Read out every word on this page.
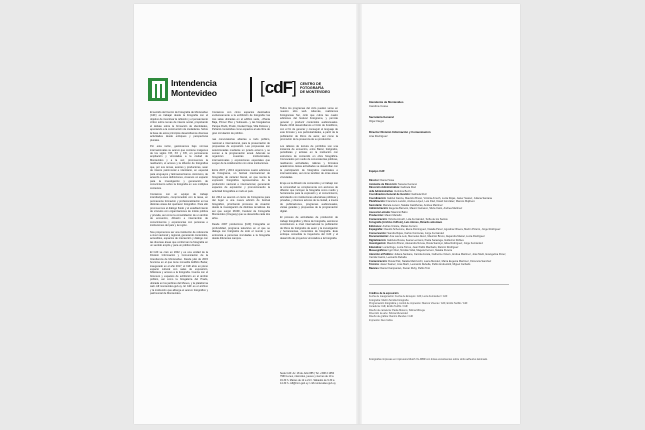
Intendencia
Montevideo	[cdF] CENTRO DE
FOTOGRAFÍA
DE MONTEVIDEO

El sentido del Centro de Fotografía de Montevideo (CdF) es trabajar desde la fotografía con el objetivo de incentivar la reflexión y el pensamiento crítico sobre temas de interés social, propiciando el debate sobre la formación de identidades, apuntando a la construcción de ciudadanía. Sobre la base de estos principios desarrollamos diversas actividades desde enfoques y perspectivas plurales.

Por esta razón, gestionamos bajo normas internacionales su acervo que contiene imágenes de los siglos XIX, XX y XXI, en permanente ampliación y vinculadas a la ciudad de Montevideo y a la vez, promovemos la realización, el acceso y la difusión de fotografías que, por sus temas, autores y productores, sean de interés patrimonial e identitario, en especial para uruguayos y latinoamericanos. Asimismo, de acuerdo a esos definiciones, creamos un espacio para la investigación y generación de conocimiento sobre la fotografía en sus múltiples contextos.

Contamos con un equipo de trabajo interdisciplinario, comprometido con la tarea, en permanente formación y profesionalización en las distintas áreas del quehacer fotográfico. Para ello promovemos el diálogo fluido y el establecimiento de vínculos con organizaciones de índole pública y privada, así como la consolidación de un ámbito de encuentro, difusión e intercambio de conocimientos y experiencias con personas e instituciones del país y la región.

Nos proponemos ser una institución de referencia a nivel nacional y regional, generando contenidos, accesibles, espacios de interacción y diálogo con las diversas áreas que conforman la fotografía en un sentido amplio y para un público diverso.

El CdF se creó en 2002 y es una unidad de la División Información y Comunicación de la Intendencia de Montevideo. Desde julio de 2015 funciona en el que tiene inmueble Edificio Bazar, inaugurado en el año 2017, el CdF abre en pleno espacio cultural con salas de exposición, biblioteca y acceso a la fotografía. Cuenta con el fotomuro y espacios de exhibición en el ámbito público, así como la fotogalería del Prado, ubicada en los jardines del Museo, y la plataforma web cdf.montevideo.gub.uy. El CdF es el archivo y la institución que alberga el acervo fotográfico y patrimonial de Montevideo.

Contamos con cinco espacios destinados exclusivamente a la exhibición de fotografía: las tres salas ubicadas en el edificio sede, –Planta Baja, Primer Piso y Subsuelo– y las fotogalerías Parque Rodó, Prado, Ciudad Vieja, Villa Dolores y Peñarol concebidas como espacios al aire libre de gran circulación de público.

nas convocatorias abiertas a todo público, nacional e internacional, para la presentación de propuestas de exposición. Las propuestas son seleccionadas mediante un jurado externo y se suman a la programación anual. Además se organizan muestras institucionales, internacionales y exposiciones especiales que surgen de la colaboración con otras instituciones.

Entre 2007 y 2013 organizamos cuatro ediciones de Fotograma, un festival internacional de fotografía, de carácter bienal, en que reunía la expresión fotográfica representativa de la producción nacional e internacional, generando espacios de exposición y promocionando la actividad fotográfica en todo el país.

En 2014 se asumió el cierre de Fotograma para dar lugar a una nueva edición de festival fotográfico, priorizando procesos de creación desde la investigación de distintas temáticas. Es así que surgió MUFF, Festival de Fotografía Montevideo (Uruguay) que se desarrolla cada dos años.

Desde 2007 producimos [CdF] Fotografía en profundidad, programa televisivo en el que se dialoga con fotógrafos de todo el mundo y se entrevista a personas vinculadas a la fotografía desde diferentes campos.

Todos los programas del ciclo pueden verse en nuestro sitio web. Además, realizamos Fotogramas Sur, ciclo que cubre las cuatro ediciones del festival Fotograma, y permite generar y producir contenidos audiovisuales. Desde 2013 desarrollamos el Ciclo de Fotolibros, con el fin de generar y conseguir el lenguaje de este formato y sus particularidades, a partir de la publicación de libros de autor, así como la promoción de la presencia de su producción.

Los talleres de lectura de portfolios son una instancia de encuentro, entre Bazar, fotógrafos, periodistas y artistas en la institución con estructura de contenido en obra fotográfica. Convocados por medio de convocatorias públicas, realizamos actividades, talleres y formatos académicos. Estas actividades se desarrollan con la participación de fotógrafos nacionales e internacionales, así como también de otras áreas vinculadas.

El eje es la difusión de contenidos y el trabajo con la comunidad se complementa con acciones de difusión que incluyen la fotografía como medio y herramienta para la expresión y el conocimiento, articulando con instituciones educativas públicas y privadas, y diversos actores de la ciudad, a través de publicaciones, programas audiovisuales, visitas guiadas y propuestas de la programación digital.

El proceso de actividades de producción de trabajo fotográfico y libros de fotografía, asimismo constituimos a nivel internacional la publicación de libros de fotógrafos de autor y la investigación y herramientas, contenidos de fotografía. Este enfoque consolida la trayectoria del CdF y el desarrollo de proyectos vinculados a la fotografía.

Sede CdF: Av. 18 de Julio 885 | Tel. +598 2 1950 7960 Lunes, miércoles, jueves y viernes de 10 a 19.30 h. Martes de 12 a 21 h. Sábados de 9.30 a 14.30 h. cdf@imm.gub.uy / cdf.montevideo.gub.uy
Intendente de Montevideo
Carolina Cosse
Secretaria General
Olga Otegui
Director División Información y Comunicación
Ana Rodríguez
Equipo CdF
Director: Daniel Sosa
Asistente de Dirección: Susana Centeno
Dirección Administrativa: Gabriela Díaz
Jefa Administrativa: Verónica Berrio
Coordinadora General de Gestión: Gabriela Ruiz
Coordinación: Gabriel García, Mauricio Bruno, Victoria Amuch, Lucía Rojas, Javier Suárez, Juliana Santana
Planificación: Francisco Landro, Andrea López, Luis Díaz, David González, Marcos Mujihero
Secretaría: Mariela Lucero, Natalia Castiñeiras, Andrea Martínez
Administración: Eugenia Barreiro, Mauro Carrasco, Silvia Cairo, Andrea Martínez
Asesoría Letrada: Mauricio Babo
Producción: Mauro Martello
Comunicación: Victoria Amuch, Lola Fernández, Sofía de los Santos
Fotografía (Archivo CdFom), Luis Alonso, Ricardo antoniazo
Ediciones: Andrés Urioste, Matías Ferrero
Espagrafía: Claudio Schenone, Elena Domínguez, Natalia Pérez, Agustina Olivera, Martín Pizarro, Jorge Rodríguez
Conservación: Sandra Rojas, Carlos Contreras, Jorge Fernández
Documentación: Ana Laura Leis, Mercedes Alvez, Mauricio Bruno, Alejandra Maciel, Lucía Rodríguez
Digitalización: Gabriela Rusca, Ileana Lezcano, Paola Sarazaga, Guillermo Robles
Investigación: Mauricio Bruno, Alexandra Novoa, Rosía Santoyo, Elisa Rodríguez, Jorge Fernández
Educativa: Lucía Ruge, Lucía Torres, Juan Pablo Machado, Ramiro Rodríguez
Museográficos: Igor Díaz, Nicolás Vidal, Magela Ferrero, Natalia Pereira
Atención al Público: Juliana Santana, Camila Acosta, Catherine Oviers, Andrea Martínez, José Martí, Evangelina Pérez, Camila Castro, Leonardo Rebella
Comunicación: Flavia Pisk, Natalia Mazzucchi, Laura Méndez, María Eugenia Martínez, Florencia Sanchez
Técnica: Javier Suárez, José Martí, Leonardo Rebella, Pablo Andreolotti, Miguel Carballo
Bazares: Daniel Campanian, Kieran Ruby, Pablo Toro
Créditos de la exposición
Fecha de inauguración: Fecha de Ensayos: CdF, Lucía Fernández / CdF
Fotografía: Martín Sorolla Fotografía
Programación fotográfica y control de impresión: Marcos Vicente / CdF, Emilio Teófilo / CdF
Curaduría: CdF, Emilio Teófilo / CdF
Diseño de cartelería: Paola Moreno, Silvina Mitrega
Dirección de arte: Silvina Menéndez
Diseño de gráfica: Ramiro Mendes / CdF
Impresión: Alex Iodice
Fotografías impresas en impresora Mutoh XL-MBR con tintas ecosolventes sobre vinilo adhesivo laminado.
